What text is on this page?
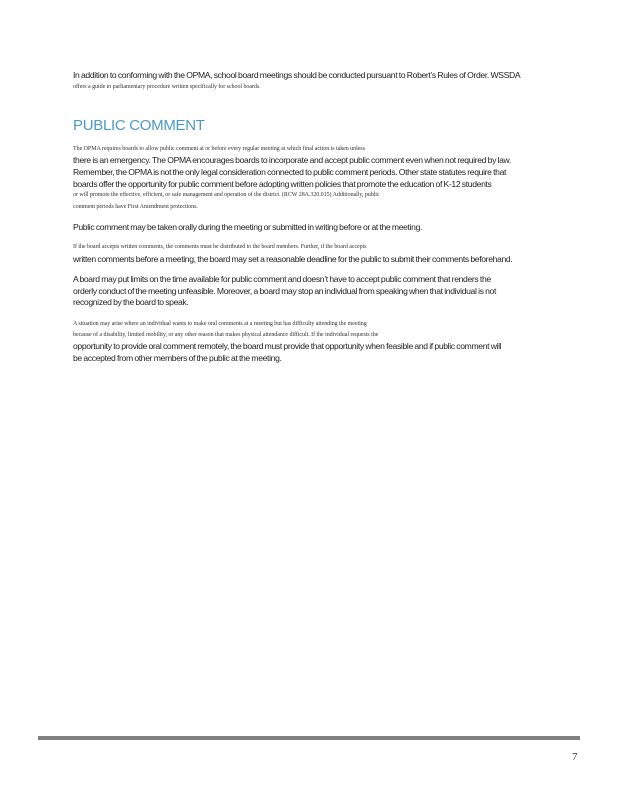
In addition to conforming with the OPMA, school board meetings should be conducted pursuant to Robert’s Rules of Order. WSSDA
offers a guide to parliamentary procedure written specifically for school boards.
PUBLIC COMMENT
The OPMA requires boards to allow public comment at or before every regular meeting at which final action is taken unless
there is an emergency. The OPMA encourages boards to incorporate and accept public comment even when not required by law.
Remember, the OPMA is not the only legal consideration connected to public comment periods. Other state statutes require that
boards offer the opportunity for public comment before adopting written policies that promote the education of K-12 students
or will promote the effective, efficient, or safe management and operation of the district. (RCW 28A.320.015) Additionally, public
comment periods have First Amendment protections.
Public comment may be taken orally during the meeting or submitted in writing before or at the meeting.
If the board accepts written comments, the comments must be distributed to the board members. Further, if the board accepts
written comments before a meeting, the board may set a reasonable deadline for the public to submit their comments beforehand.
A board may put limits on the time available for public comment and doesn’t have to accept public comment that renders the
orderly conduct of the meeting unfeasible. Moreover, a board may stop an individual from speaking when that individual is not
recognized by the board to speak.
A situation may arise where an individual wants to make oral comments at a meeting but has difficulty attending the meeting
because of a disability, limited mobility, or any other reason that makes physical attendance difficult. If the individual requests the
opportunity to provide oral comment remotely, the board must provide that opportunity when feasible and if public comment will
be accepted from other members of the public at the meeting.
7
